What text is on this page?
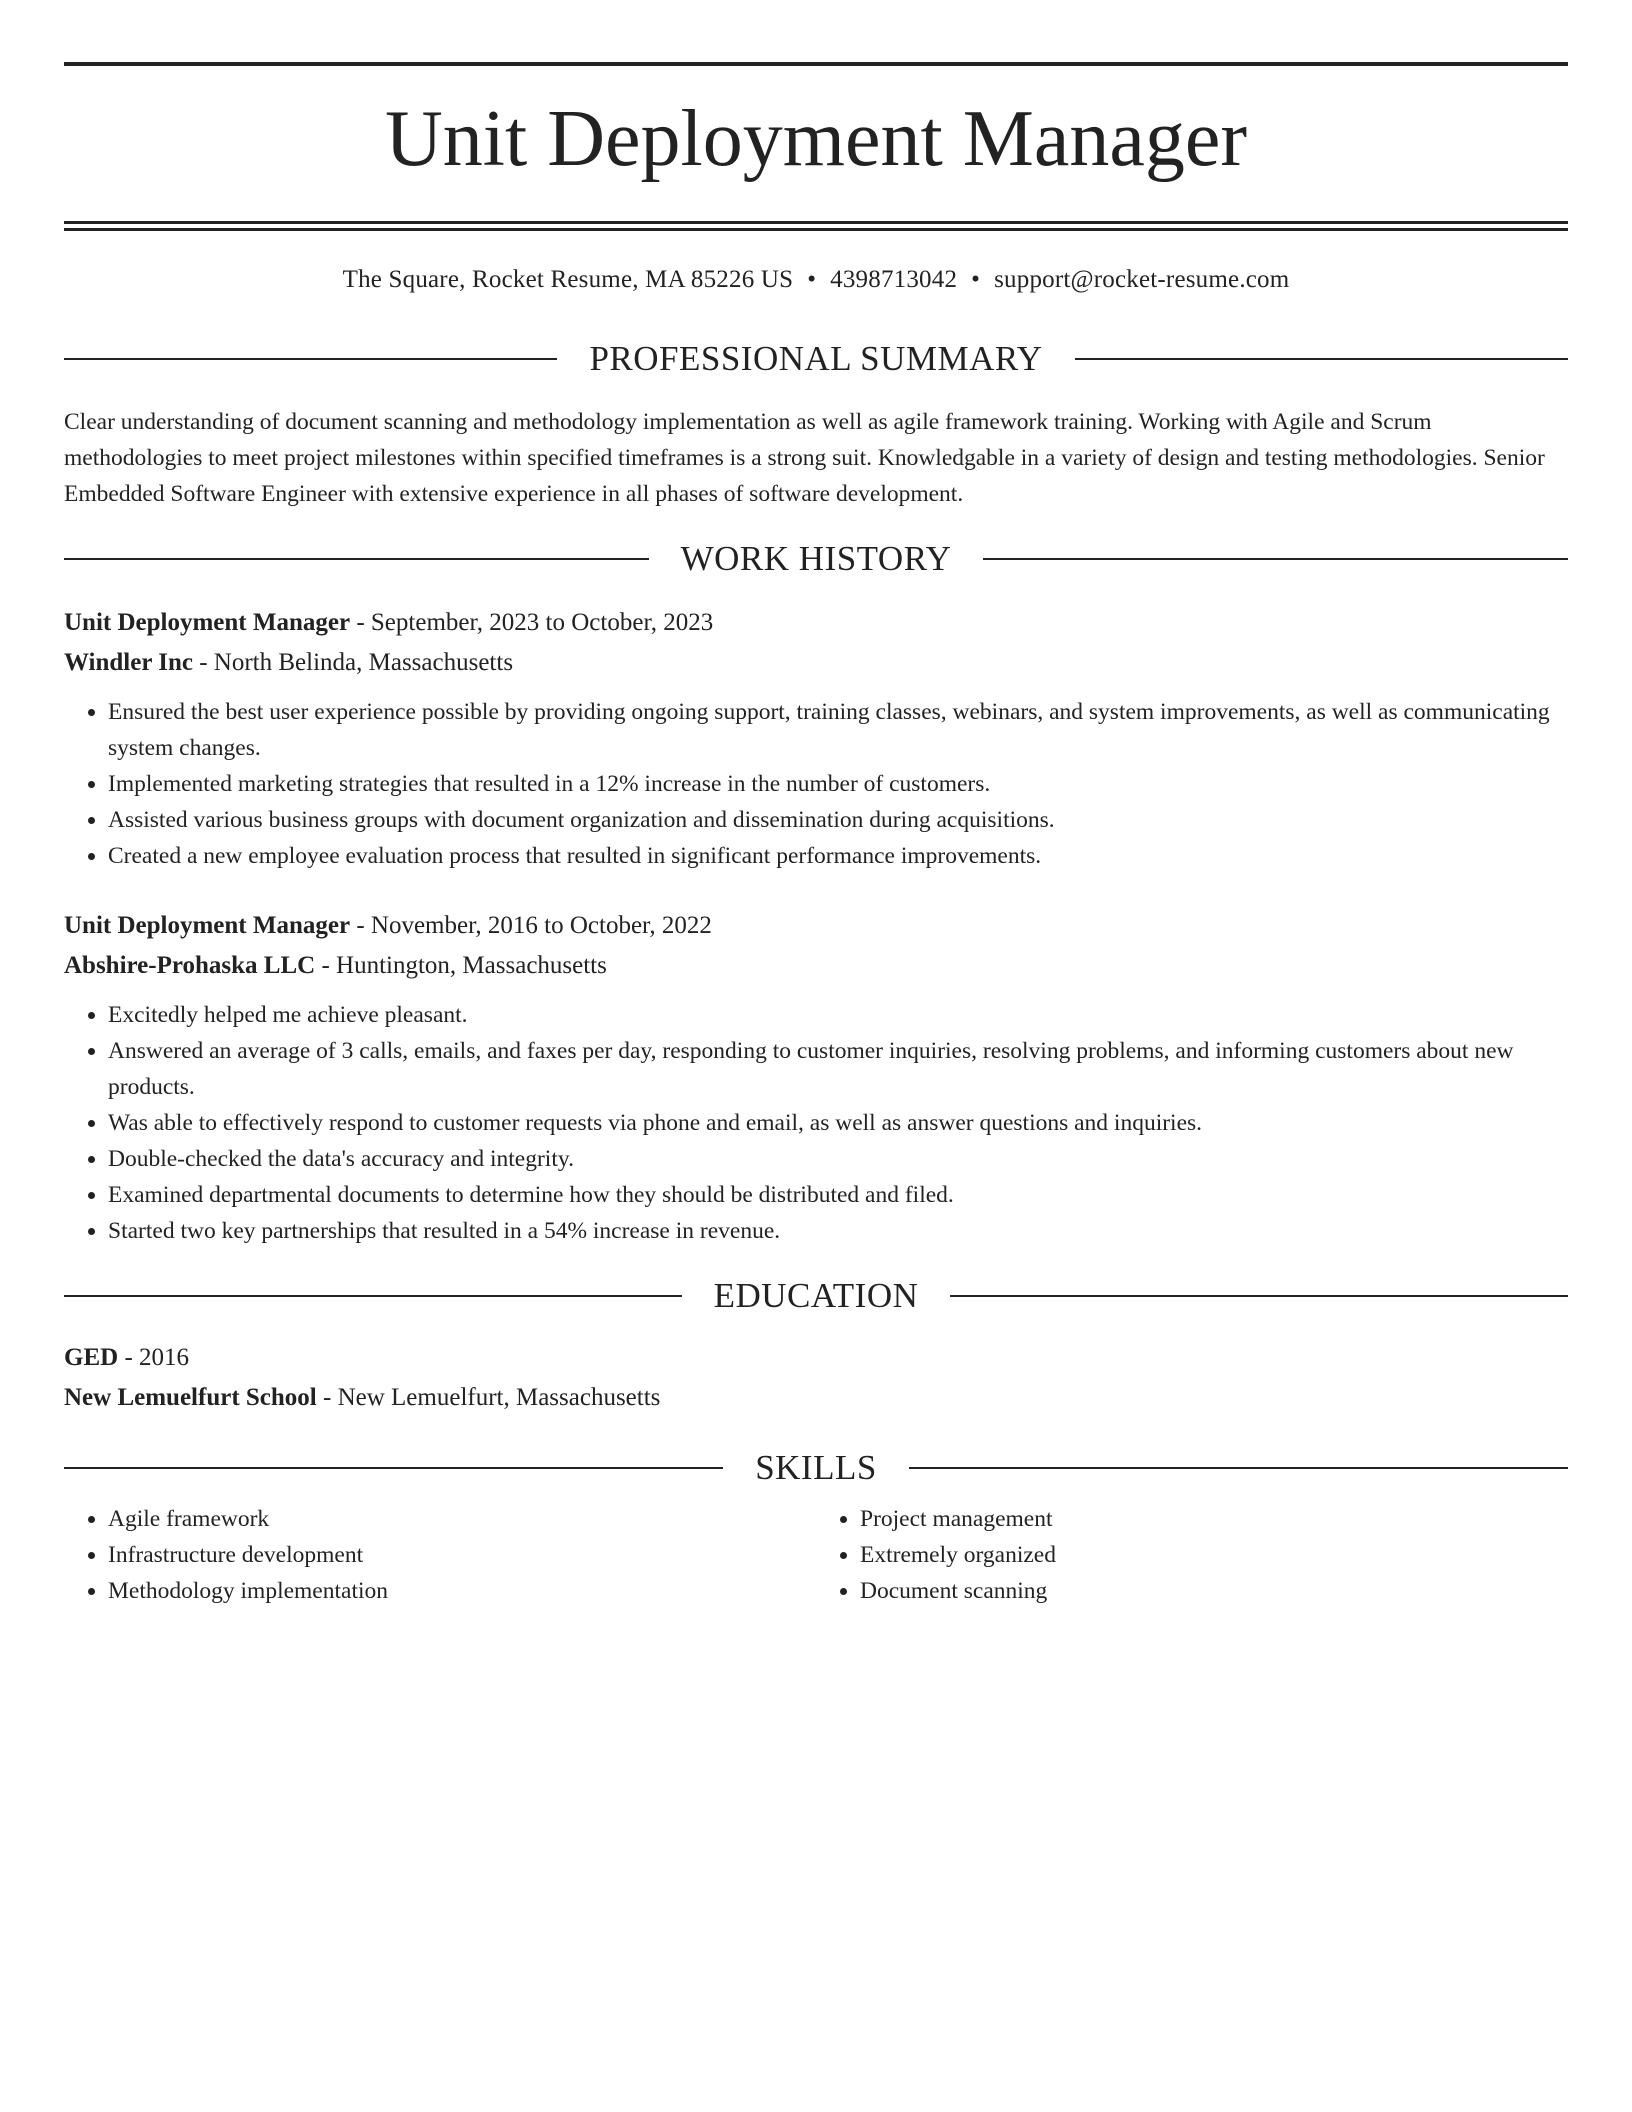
Unit Deployment Manager
The Square, Rocket Resume, MA 85226 US • 4398713042 • support@rocket-resume.com
PROFESSIONAL SUMMARY

Clear understanding of document scanning and methodology implementation as well as agile framework training. Working with Agile and Scrum methodologies to meet project milestones within specified timeframes is a strong suit. Knowledgable in a variety of design and testing methodologies. Senior Embedded Software Engineer with extensive experience in all phases of software development.

WORK HISTORY
Unit Deployment Manager - September, 2023 to October, 2023
Windler Inc - North Belinda, Massachusetts
• Ensured the best user experience possible by providing ongoing support, training classes, webinars, and system improvements, as well as communicating system changes.
• Implemented marketing strategies that resulted in a 12% increase in the number of customers.
• Assisted various business groups with document organization and dissemination during acquisitions.
• Created a new employee evaluation process that resulted in significant performance improvements.
Unit Deployment Manager - November, 2016 to October, 2022
Abshire-Prohaska LLC - Huntington, Massachusetts
• Excitedly helped me achieve pleasant.
• Answered an average of 3 calls, emails, and faxes per day, responding to customer inquiries, resolving problems, and informing customers about new products.
• Was able to effectively respond to customer requests via phone and email, as well as answer questions and inquiries.
• Double-checked the data's accuracy and integrity.
• Examined departmental documents to determine how they should be distributed and filed.
• Started two key partnerships that resulted in a 54% increase in revenue.
EDUCATION
GED - 2016
New Lemuelfurt School - New Lemuelfurt, Massachusetts
SKILLS
• Agile framework
• Infrastructure development
• Methodology implementation
• Project management
• Extremely organized
• Document scanning
